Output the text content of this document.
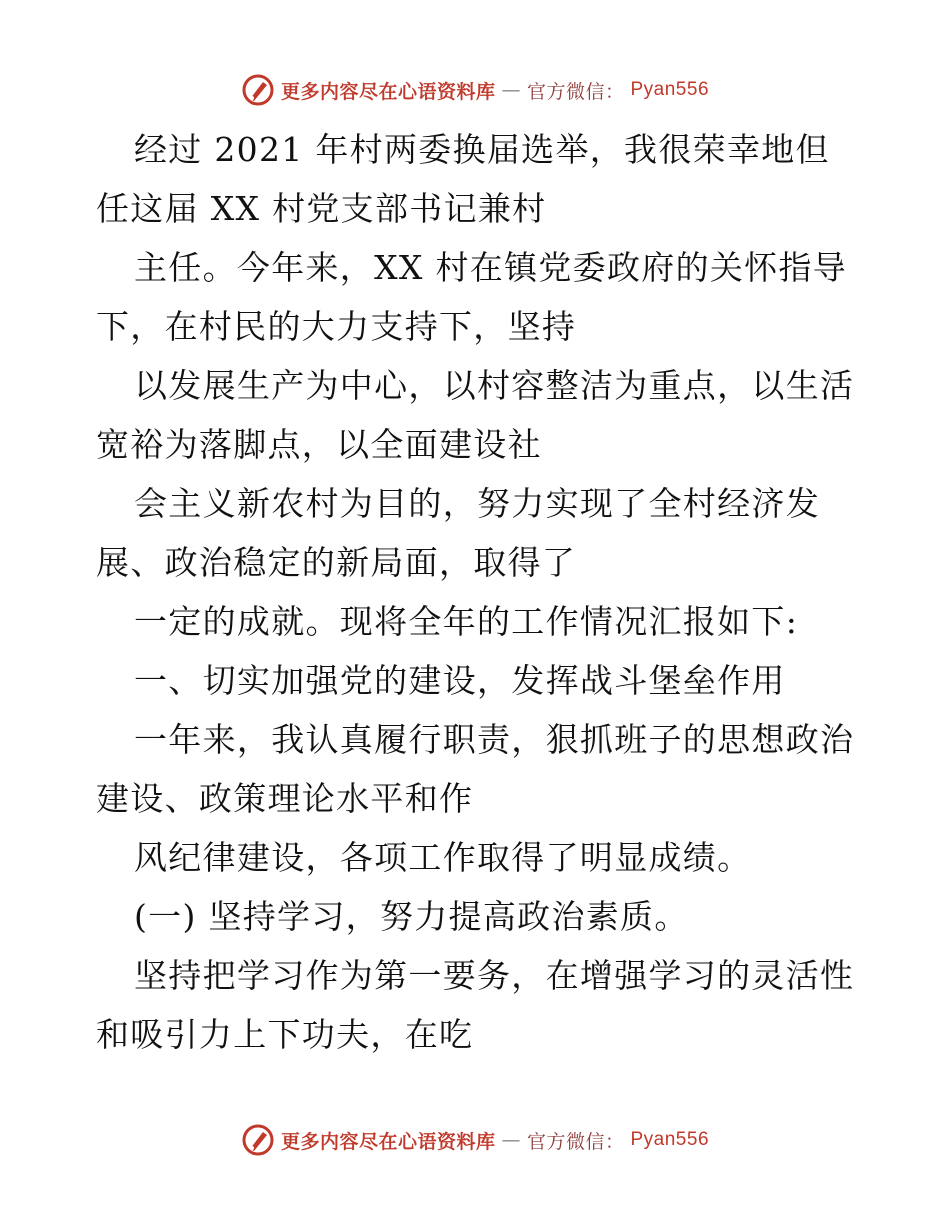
更多内容尽在心语资料库 — 官方微信： Pyan556

经过 2021 年村两委换届选举，我很荣幸地但任这届 XX 村党支部书记兼村

主任。今年来，XX 村在镇党委政府的关怀指导下，在村民的大力支持下，坚持

以发展生产为中心，以村容整洁为重点，以生活宽裕为落脚点，以全面建设社

会主义新农村为目的，努力实现了全村经济发展、政治稳定的新局面，取得了

一定的成就。现将全年的工作情况汇报如下:

一、切实加强党的建设，发挥战斗堡垒作用

一年来，我认真履行职责，狠抓班子的思想政治建设、政策理论水平和作

风纪律建设，各项工作取得了明显成绩。

(一) 坚持学习，努力提高政治素质。

坚持把学习作为第一要务，在增强学习的灵活性和吸引力上下功夫，在吃

更多内容尽在心语资料库 — 官方微信： Pyan556
